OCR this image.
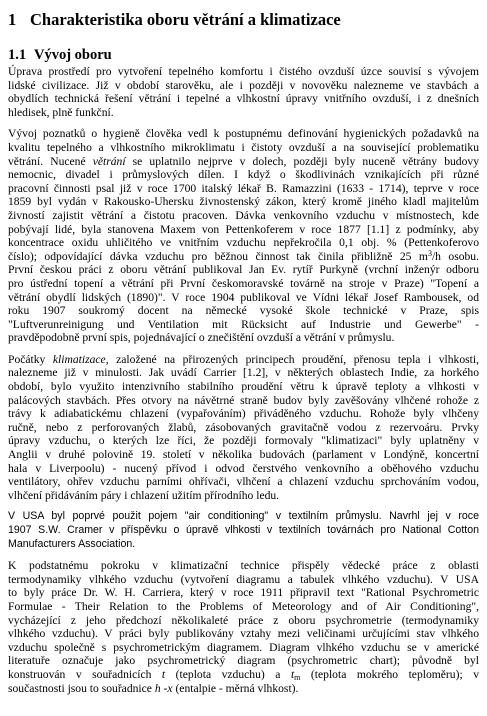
1 Charakteristika oboru větrání a klimatizace
1.1 Vývoj oboru

Úprava prostředí pro vytvoření tepelného komfortu i čistého ovzduší úzce souvisí s vývojem
lidské civilizace. Již v období starověku, ale i později v novověku nalezneme ve stavbách a
obydlích technická řešení větrání i tepelné a vlhkostní úpravy vnitřního ovzduší, i z dnešních
hledisek, plně funkční.

Vývoj poznatků o hygieně člověka vedl k postupnému definování hygienických požadavků na
kvalitu tepelného a vlhkostního mikroklimatu i čistoty ovzduší a na související problematiku
větrání. Nucené větrání se uplatnilo nejprve v dolech, později byly nuceně větrány budovy
nemocnic, divadel i průmyslových dílen. I když o škodlivinách vznikajících při různé
pracovní činnosti psal již v roce 1700 italský lékař B. Ramazzini (1633 - 1714), teprve v roce
1859 byl vydán v Rakousko-Uhersku živnostenský zákon, který kromě jiného kladl majitelům
živností zajistit větrání a čistotu pracoven. Dávka venkovního vzduchu v místnostech, kde
pobývají lidé, byla stanovena Maxem von Pettenkoferem v roce 1877 [1.1] z podmínky, aby
koncentrace oxidu uhličitého ve vnitřním vzduchu nepřekročila 0,1 obj. % (Pettenkoferovo
číslo); odpovídající dávka vzduchu pro běžnou činnost tak činila přibližně 25 $m^3/h$ osobu.
První českou práci z oboru větrání publikoval Jan Ev. rytíř Purkyně (vrchní inženýr odboru
pro ústřední topení a větrání při První českomoravské továrně na stroje v Praze) "Topení a
větrání obydlí lidských (1890)". V roce 1904 publikoval ve Vídni lékař Josef Rambousek, od
roku 1907 soukromý docent na německé vysoké škole technické v Praze, spis
"Luftverunreinigung und Ventilation mit Rücksicht auf Industrie und Gewerbe" -
pravděpodobně první spis, pojednávající o znečištění ovzduší a větrání v průmyslu.

Počátky klimatizace, založené na přirozených principech proudění, přenosu tepla i vlhkosti,
nalezneme již v minulosti. Jak uvádí Carrier [1.2], v některých oblastech Indie, za horkého
období, bylo využito intenzivního stabilního proudění větru k úpravě teploty a vlhkosti v
palácových stavbách. Přes otvory na návětrné straně budov byly zavěšovány vlhčené rohože z
trávy k adiabatickému chlazení (vypařováním) přiváděného vzduchu. Rohože byly vlhčeny
ručně, nebo z perforovaných žlabů, zásobovaných gravitačně vodou z rezervoáru. Prvky
úpravy vzduchu, o kterých lze říci, že později formovaly "klimatizaci" byly uplatněny v
Anglii v druhé polovině 19. století v několika budovách (parlament v Londýně, koncertní
hala v Liverpoolu) - nucený přívod i odvod čerstvého venkovního a oběhového vzduchu
ventilátory, ohřev vzduchu parními ohřívači, vlhčení a chlazení vzduchu sprchováním vodou,
vlhčení přidáváním páry i chlazení užitím přírodního ledu.

V USA byl poprvé použit pojem "air conditioning" v textilním průmyslu. Navrhl jej v roce
1907 S.W. Cramer v příspěvku o úpravě vlhkosti v textilních továrnách pro National Cotton
Manufacturers Association.

K podstatnému pokroku v klimatizační technice přispěly vědecké práce z oblasti
termodynamiky vlhkého vzduchu (vytvoření diagramu a tabulek vlhkého vzduchu). V USA
to byly práce Dr. W. H. Carriera, který v roce 1911 připravil text "Rational Psychrometric
Formulae - Their Relation to the Problems of Meteorology and of Air Conditioning",
vycházející z jeho předchozí několikaleté práce z oboru psychrometrie (termodynamiky
vlhkého vzduchu). V práci byly publikovány vztahy mezi veličinami určujícími stav vlhkého
vzduchu společně s psychrometrickým diagramem. Diagram vlhkého vzduchu se v americké
literatuře označuje jako psychrometrický diagram (psychrometric chart); původně byl
konstruován v souřadnicích t (teplota vzduchu) a $t_m$ (teplota mokrého teploměru); v
součastnosti jsou to souřadnice h -x (entalpie - měrná vlhkost).
